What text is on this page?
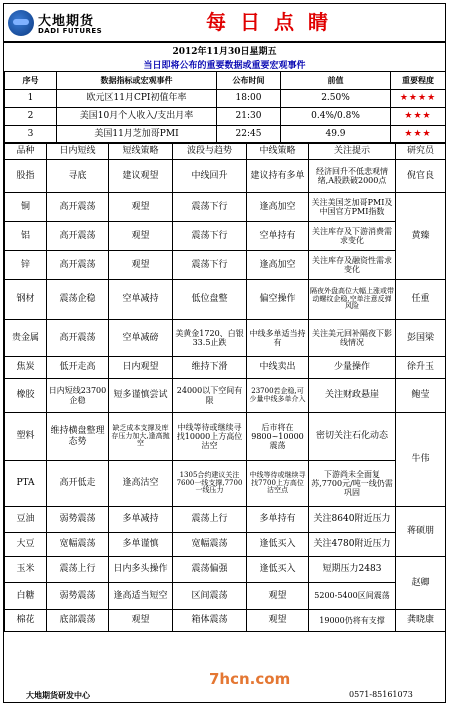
大地期货
DADI FUTURES	每日点睛
2012年11月30日星期五
当日即将公布的重要数据或重要宏观事件
序号	数据指标或宏观事件	公布时间	前值	重要程度
1	欧元区11月CPI初值年率	18:00	2.50%	★★★★
2	美国10月个人收入/支出月率	21:30	0.4%/0.8%	★★★
3	美国11月芝加哥PMI	22:45	49.9	★★★
品种	日内短线	短线策略	波段与趋势	中线策略	关注提示	研究员
股指	寻底	建议观望	中线回升	建议持有多单	经济回升不低悲观情绪,A股跌破2000点	倪官良
铜	高开震荡	观望	震荡下行	逢高加空	关注美国芝加哥PMI及中国官方PMI指数	黄臻
铝	高开震荡	观望	震荡下行	空单持有	关注库存及下游消费需求变化	
锌	高开震荡	观望	震荡下行	逢高加空	关注库存及融资性需求变化	
钢材	震荡企稳	空单减持	低位盘整	偏空操作	隔夜外盘高位大幅上涨或带动螺纹企稳,空单注意反弹风险	任重
贵金属	高开震荡	空单减磅	美黄金1720、白银33.5止跌	中线多单适当持有	关注美元回补隔夜下影线情况	彭国梁
焦炭	低开走高	日内观望	维持下滑	中线卖出	少量操作	徐升玉
橡胶	日内短线23700企稳	短多谨慎尝试	24000以下空间有限	23700若企稳,可少量中线多单介入	关注财政悬崖	鲍莹
塑料	维持横盘整理态势	缺乏成本支撑及库存压力加大,逢高抛空	中线等待或继续寻找10000上方高位沽空	后市将在9800~10000震荡	密切关注石化动态	牛伟
PTA	高开低走	逢高沽空	1305合约建议关注7600一线支撑,7700一线压力	中线等待或继续寻找7700上方高位沽空点	下游尚未全面复苏,7700元/吨一线仍需巩固	
豆油	弱势震荡	多单减持	震荡上行	多单持有	关注8640附近压力	蒋硕朋
大豆	宽幅震荡	多单谨慎	宽幅震荡	逢低买入	关注4780附近压力	
玉米	震荡上行	日内多头操作	震荡偏强	逢低买入	短期压力2483	赵卿
白糖	弱势震荡	逢高适当短空	区间震荡	观望	5200-5400区间震荡	
棉花	底部震荡	观望	箱体震荡	观望	19000仍将有支撑	龚晓康
7hcn.com
大地期货研发中心	0571-85161073
